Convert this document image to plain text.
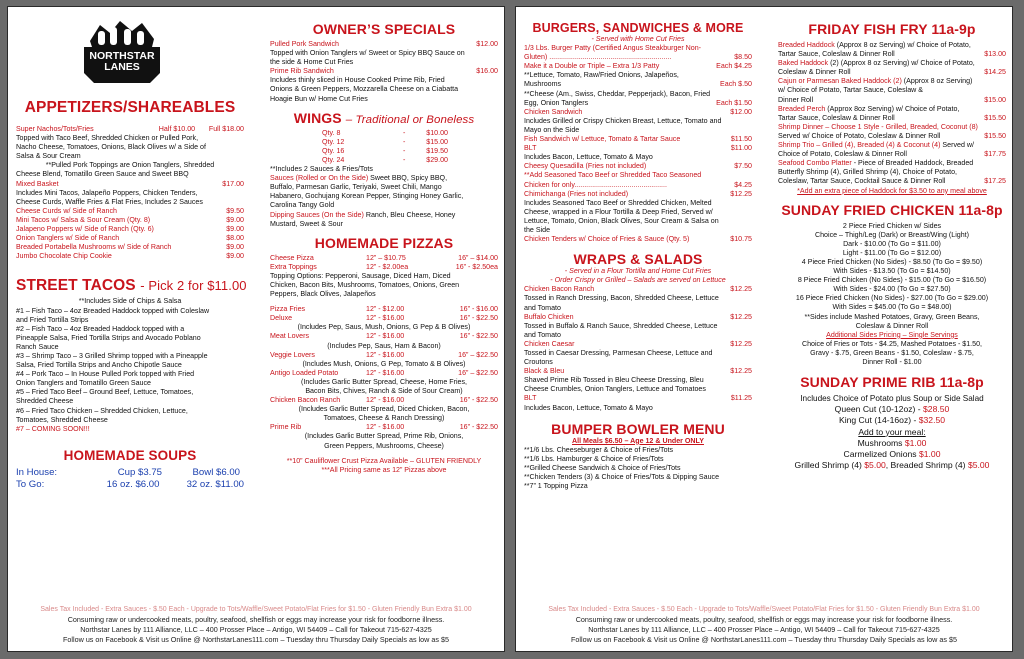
NORTHSTAR
LANES
APPETIZERS/SHAREABLES
Super Nachos/Tots/Fries	Half $10.00 Full $18.00
Topped with Taco Beef, Shredded Chicken or Pulled Pork,
Nacho Cheese, Tomatoes, Onions, Black Olives w/ a Side of
Salsa & Sour Cream
**Pulled Pork Toppings are Onion Tanglers, Shredded
Cheese Blend, Tomatillo Green Sauce and Sweet BBQ
Mixed Basket	$17.00
Includes Mini Tacos, Jalapeño Poppers, Chicken Tenders,
Cheese Curds, Waffle Fries & Flat Fries, Includes 2 Sauces
Cheese Curds w/ Side of Ranch	$9.50
Mini Tacos w/ Salsa & Sour Cream (Qty. 8)	$9.00
Jalapeno Poppers w/ Side of Ranch (Qty. 6)	$9.00
Onion Tanglers w/ Side of Ranch	$8.00
Breaded Portabella Mushrooms w/ Side of Ranch	$9.00
Jumbo Chocolate Chip Cookie	$9.00
STREET TACOS - Pick 2 for $11.00
**Includes Side of Chips & Salsa
#1 – Fish Taco – 4oz Breaded Haddock topped with Coleslaw
and Fried Tortilla Strips
#2 – Fish Taco – 4oz Breaded Haddock topped with a
Pineapple Salsa, Fried Tortilla Strips and Avocado Poblano
Ranch Sauce
#3 – Shrimp Taco – 3 Grilled Shrimp topped with a Pineapple
Salsa, Fried Tortilla Strips and Ancho Chipotle Sauce
#4 – Pork Taco – In House Pulled Pork topped with Fried
Onion Tanglers and Tomatillo Green Sauce
#5 – Fried Taco Beef – Ground Beef, Lettuce, Tomatoes,
Shredded Cheese
#6 – Fried Taco Chicken – Shredded Chicken, Lettuce,
Tomatoes, Shredded Cheese
#7 – COMING SOON!!!
HOMEMADE SOUPS
In House:	Cup $3.75	Bowl $6.00
To Go:	16 oz. $6.00	32 oz. $11.00
OWNER’S SPECIALS
Pulled Pork Sandwich	$12.00
Topped with Onion Tanglers w/ Sweet or Spicy BBQ Sauce on
the side & Home Cut Fries
Prime Rib Sandwich	$16.00
Includes thinly sliced in House Cooked Prime Rib, Fried
Onions & Green Peppers, Mozzarella Cheese on a Ciabatta
Hoagie Bun w/ Home Cut Fries
WINGS – Traditional or Boneless
Qty. 8	-	$10.00
Qty. 12	-	$15.00
Qty. 16	-	$19.50
Qty. 24	-	$29.00
**Includes 2 Sauces & Fries/Tots
Sauces (Rolled or On the Side) Sweet BBQ, Spicy BBQ,
Buffalo, Parmesan Garlic, Teriyaki, Sweet Chili, Mango
Habanero, Gochujang Korean Pepper, Stinging Honey Garlic,
Carolina Tangy Gold
Dipping Sauces (On the Side) Ranch, Bleu Cheese, Honey
Mustard, Sweet & Sour
HOMEMADE PIZZAS
Cheese Pizza	12” – $10.75	16” – $14.00
Extra Toppings	12” - $2.00ea	16” - $2.50ea
Topping Options: Pepperoni, Sausage, Diced Ham, Diced
Chicken, Bacon Bits, Mushrooms, Tomatoes, Onions, Green
Peppers, Black Olives, Jalapeños
Pizza Fries	12” - $12.00	16” - $16.00
Deluxe	12” - $16.00	16” - $22.50
(Includes Pep, Saus, Mush, Onions, G Pep & B Olives)
Meat Lovers	12” - $16.00	16” - $22.50
(Includes Pep, Saus, Ham & Bacon)
Veggie Lovers	12” - $16.00	16” – $22.50
(Includes Mush, Onions, G Pep, Tomato & B Olives)
Antigo Loaded Potato	12” - $16.00	16” – $22.50
(Includes Garlic Butter Spread, Cheese, Home Fries,
Bacon Bits, Chives, Ranch & Side of Sour Cream)
Chicken Bacon Ranch	12” - $16.00	16” - $22.50
(Includes Garlic Butter Spread, Diced Chicken, Bacon,
Tomatoes, Cheese & Ranch Dressing)
Prime Rib	12” - $16.00	16” - $22.50
(Includes Garlic Butter Spread, Prime Rib, Onions,
Green Peppers, Mushrooms, Cheese)
**10” Cauliflower Crust Pizza Available – GLUTEN FRIENDLY
***All Pricing same as 12” Pizzas above
Sales Tax Included - Extra Sauces - $.50 Each - Upgrade to Tots/Waffle/Sweet Potato/Flat Fries for $1.50 - Gluten Friendly Bun Extra $1.00
Consuming raw or undercooked meats, poultry, seafood, shellfish or eggs may increase your risk for foodborne illness.
Northstar Lanes by 111 Alliance, LLC – 400 Prosser Place – Antigo, WI 54409 – Call for Takeout 715-627-4325
Follow us on Facebook & Visit us Online @ NorthstarLanes111.com – Tuesday thru Thursday Daily Specials as low as $5
BURGERS, SANDWICHES & MORE
- Served with Home Cut Fries
1/3 Lbs. Burger Patty (Certified Angus Steakburger Non-
Gluten) ..............................................................	$8.50
Make it a Double or Triple – Extra 1/3 Patty	Each $4.25
**Lettuce, Tomato, Raw/Fried Onions, Jalapeños,
Mushrooms	Each $.50
**Cheese (Am., Swiss, Cheddar, Pepperjack), Bacon, Fried
Egg, Onion Tanglers	Each $1.50
Chicken Sandwich	$12.00
Includes Grilled or Crispy Chicken Breast, Lettuce, Tomato and
Mayo on the Side
Fish Sandwich w/ Lettuce, Tomato & Tartar Sauce	$11.50
BLT	$11.00
Includes Bacon, Lettuce, Tomato & Mayo
Cheesy Quesadilla (Fries not included)	$7.50
**Add Seasoned Taco Beef or Shredded Taco Seasoned
Chicken for only...............................................	$4.25
Chimichanga (Fries not included)	$12.25
Includes Seasoned Taco Beef or Shredded Chicken, Melted
Cheese, wrapped in a Flour Tortilla & Deep Fried, Served w/
Lettuce, Tomato, Onion, Black Olives, Sour Cream & Salsa on
the Side
Chicken Tenders w/ Choice of Fries & Sauce (Qty. 5)	$10.75
WRAPS & SALADS
- Served in a Flour Tortilla and Home Cut Fries
- Order Crispy or Grilled – Salads are served on Lettuce
Chicken Bacon Ranch	$12.25
Tossed in Ranch Dressing, Bacon, Shredded Cheese, Lettuce
and Tomato
Buffalo Chicken	$12.25
Tossed in Buffalo & Ranch Sauce, Shredded Cheese, Lettuce
and Tomato
Chicken Caesar	$12.25
Tossed in Caesar Dressing, Parmesan Cheese, Lettuce and
Croutons
Black & Bleu	$12.25
Shaved Prime Rib Tossed in Bleu Cheese Dressing, Bleu
Cheese Crumbles, Onion Tanglers, Lettuce and Tomatoes
BLT	$11.25
Includes Bacon, Lettuce, Tomato & Mayo
BUMPER BOWLER MENU
All Meals $6.50 – Age 12 & Under ONLY
**1/6 Lbs. Cheeseburger & Choice of Fries/Tots
**1/6 Lbs. Hamburger & Choice of Fries/Tots
**Grilled Cheese Sandwich & Choice of Fries/Tots
**Chicken Tenders (3) & Choice of Fries/Tots & Dipping Sauce
**7” 1 Topping Pizza
FRIDAY FISH FRY 11a-9p
Breaded Haddock (Approx 8 oz Serving) w/ Choice of Potato,
Tartar Sauce, Coleslaw & Dinner Roll	$13.00
Baked Haddock (2) (Approx 8 oz Serving) w/ Choice of Potato,
Coleslaw & Dinner Roll	$14.25
Cajun or Parmesan Baked Haddock (2) (Approx 8 oz Serving)
w/ Choice of Potato, Tartar Sauce, Coleslaw &
Dinner Roll	$15.00
Breaded Perch (Approx 8oz Serving) w/ Choice of Potato,
Tartar Sauce, Coleslaw & Dinner Roll	$15.50
Shrimp Dinner – Choose 1 Style - Grilled, Breaded, Coconut (8)
Served w/ Choice of Potato, Coleslaw & Dinner Roll	$15.50
Shrimp Trio – Grilled (4), Breaded (4) & Coconut (4) Served w/
Choice of Potato, Coleslaw & Dinner Roll	$17.75
Seafood Combo Platter - Piece of Breaded Haddock, Breaded
Butterfly Shrimp (4), Grilled Shrimp (4), Choice of Potato,
Coleslaw, Tartar Sauce, Cocktail Sauce & Dinner Roll	$17.25
*Add an extra piece of Haddock for $3.50 to any meal above
SUNDAY FRIED CHICKEN 11a-8p
2 Piece Fried Chicken w/ Sides
Choice – Thigh/Leg (Dark) or Breast/Wing (Light)
Dark - $10.00 (To Go = $11.00)
Light - $11.00 (To Go = $12.00)
4 Piece Fried Chicken (No Sides) - $8.50 (To Go = $9.50)
With Sides - $13.50 (To Go = $14.50)
8 Piece Fried Chicken (No Sides) - $15.00 (To Go = $16.50)
With Sides - $24.00 (To Go = $27.50)
16 Piece Fried Chicken (No Sides) - $27.00 (To Go = $29.00)
With Sides = $45.00 (To Go = $48.00)
**Sides include Mashed Potatoes, Gravy, Green Beans,
Coleslaw & Dinner Roll
Additional Sides Pricing – Single Servings
Choice of Fries or Tots - $4.25, Mashed Potatoes - $1.50,
Gravy - $.75, Green Beans - $1.50, Coleslaw - $.75,
Dinner Roll - $1.00
SUNDAY PRIME RIB 11a-8p
Includes Choice of Potato plus Soup or Side Salad
Queen Cut (10-12oz) - $28.50
King Cut (14-16oz) - $32.50
Add to your meal:
Mushrooms $1.00
Carmelized Onions $1.00
Grilled Shrimp (4) $5.00, Breaded Shrimp (4) $5.00
Sales Tax Included - Extra Sauces - $.50 Each - Upgrade to Tots/Waffle/Sweet Potato/Flat Fries for $1.50 - Gluten Friendly Bun Extra $1.00
Consuming raw or undercooked meats, poultry, seafood, shellfish or eggs may increase your risk for foodborne illness.
Northstar Lanes by 111 Alliance, LLC – 400 Prosser Place – Antigo, WI 54409 – Call for Takeout 715-627-4325
Follow us on Facebook & Visit us Online @ NorthstarLanes111.com – Tuesday thru Thursday Daily Specials as low as $5
